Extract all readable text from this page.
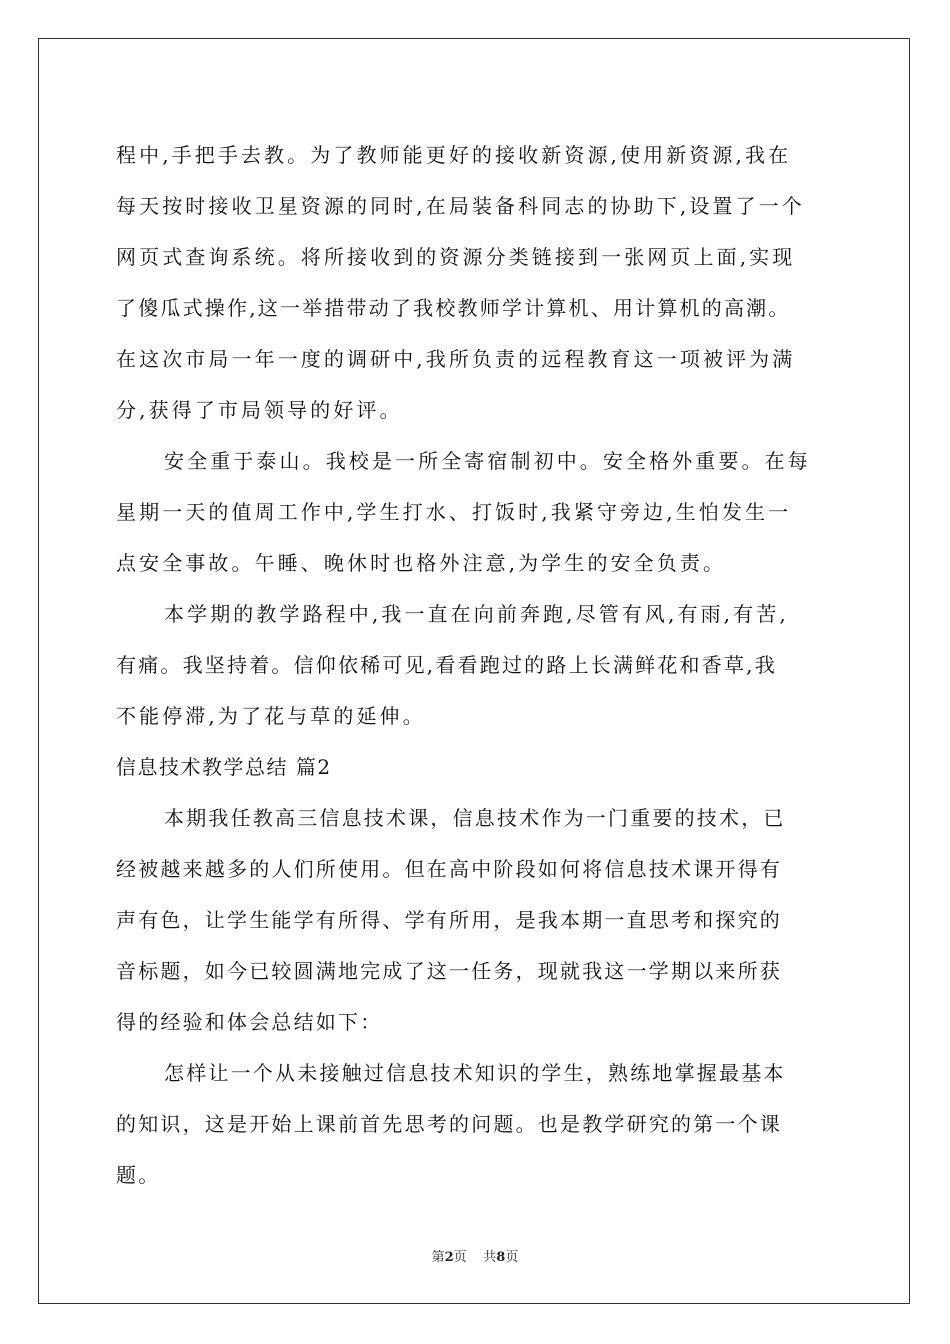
程中,手把手去教。为了教师能更好的接收新资源,使用新资源,我在
每天按时接收卫星资源的同时,在局装备科同志的协助下,设置了一个
网页式查询系统。将所接收到的资源分类链接到一张网页上面,实现
了傻瓜式操作,这一举措带动了我校教师学计算机、用计算机的高潮。
在这次市局一年一度的调研中,我所负责的远程教育这一项被评为满
分,获得了市局领导的好评。
安全重于泰山。我校是一所全寄宿制初中。安全格外重要。在每
星期一天的值周工作中,学生打水、打饭时,我紧守旁边,生怕发生一
点安全事故。午睡、晚休时也格外注意,为学生的安全负责。
本学期的教学路程中,我一直在向前奔跑,尽管有风,有雨,有苦,
有痛。我坚持着。信仰依稀可见,看看跑过的路上长满鲜花和香草,我
不能停滞,为了花与草的延伸。
信息技术教学总结 篇2
本期我任教高三信息技术课，信息技术作为一门重要的技术，已
经被越来越多的人们所使用。但在高中阶段如何将信息技术课开得有
声有色，让学生能学有所得、学有所用，是我本期一直思考和探究的
音标题，如今已较圆满地完成了这一任务，现就我这一学期以来所获
得的经验和体会总结如下：
怎样让一个从未接触过信息技术知识的学生，熟练地掌握最基本
的知识，这是开始上课前首先思考的问题。也是教学研究的第一个课
题。
第2页 共8页
